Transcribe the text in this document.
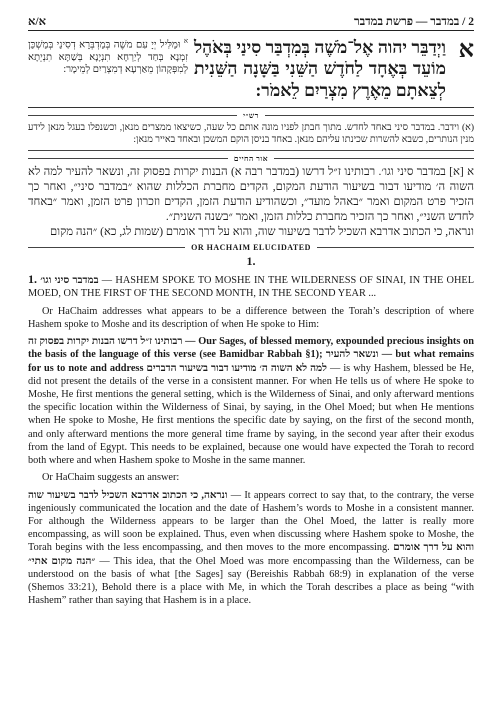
א/א	2 / במדבר — פרשת במדבר
א
וַיְדַבֵּר יהוה אֶל־מֹשֶׁה בְּמִדְבַּר סִינַי בְּאֹהֶל מוֹעֵד בְּאֶחָד לַחֹדֶשׁ הַשֵּׁנִי בַּשָּׁנָה הַשֵּׁנִית לְצֵאתָם מֵאֶרֶץ מִצְרַיִם לֵאמֹר:
$^א$ וּמַלִּיל יְיָ עִם משֶׁה בְּמַדְבְּרָא דְסִינַי בְּמַשְׁכַּן זִמְנָא בְּחַד לְיַרְחָא תִנְיָנָא בְּשַׁתָּא תִנְיֵתָא לְמִפְּקָהוֹן מֵאַרְעָא דְמִצְרַיִם לְמֵימָר:
רש״י
(א) וידבר. במדבר סיני באחד לחדש. מתוך חבתן לפניו מונה אותם כל שעה, כשיצאו ממצרים מנאן, וכשנפלו בעגל מנאן לידע מנין הנותרים, כשבא להשרות שכינתו עליהם מנאן. באחד בניסן הוקם המשכן ובאחד באייר מנאן:
אור החיים
א [א] במדבר סיני וגו׳. רבותינו ז״ל דרשו (במדבר רבה א) הבנות יקרות בפסוק זה, ונשאר להעיר למה לא השוה ה׳ מודיעו דבור בשיעור הודעת המקום, הקדים מחברת הכללות שהוא ״במדבר סיני״, ואחר כך הזכיר פרט המקום ואמר ״באהל מועד״, וכשהודיע הודעת הזמן, הקדים וזכרון פרט הזמן, ואמר ״באחד לחדש השני״, ואחר כך הזכיר מחברת כללות הזמן, ואמר ״בשנה השנית״.
ונראה, כי הכתוב אדרבא השכיל לדבר בשיעור שוה, והוא על דרך אומרם (שמות לג, כא) ״הנה מקום
OR HACHAIM ELUCIDATED
1.

1. במדבר סיני וגו׳ — HASHEM SPOKE TO MOSHE IN THE WILDERNESS OF SINAI, IN THE OHEL MOED, ON THE FIRST OF THE SECOND MONTH, IN THE SECOND YEAR ...

Or HaChaim addresses what appears to be a difference between the Torah’s description of where Hashem spoke to Moshe and its description of when He spoke to Him:

רבותינו ז״ל דרשו הבנות יקרות בפסוק זה — Our Sages, of blessed memory, expounded precious insights on the basis of the language of this verse (see Bamidbar Rabbah §1); ונשאר להעיר — but what remains for us to note and address למה לא השוה ה׳ מודיעו דבור בשיעור הדברים — is why Hashem, blessed be He, did not present the details of the verse in a consistent manner. For when He tells us of where He spoke to Moshe, He first mentions the general setting, which is the Wilderness of Sinai, and only afterward mentions the specific location within the Wilderness of Sinai, by saying, in the Ohel Moed; but when He mentions when He spoke to Moshe, He first mentions the specific date by saying, on the first of the second month, and only afterward mentions the more general time frame by saying, in the second year after their exodus from the land of Egypt. This needs to be explained, because one would have expected the Torah to record both where and when Hashem spoke to Moshe in the same manner.

Or HaChaim suggests an answer:

ונראה, כי הכתוב אדרבא השכיל לדבר בשיעור שוה — It appears correct to say that, to the contrary, the verse ingeniously communicated the location and the date of Hashem’s words to Moshe in a consistent manner. For although the Wilderness appears to be larger than the Ohel Moed, the latter is really more encompassing, as will soon be explained. Thus, even when discussing where Hashem spoke to Moshe, the Torah begins with the less encompassing, and then moves to the more encompassing. והוא על דרך אומרם ״הנה מקום אתי״ — This idea, that the Ohel Moed was more encompassing than the Wilderness, can be understood on the basis of what [the Sages] say (Bereishis Rabbah 68:9) in explanation of the verse (Shemos 33:21), Behold there is a place with Me, in which the Torah describes a place as being “with Hashem” rather than saying that Hashem is in a place.
